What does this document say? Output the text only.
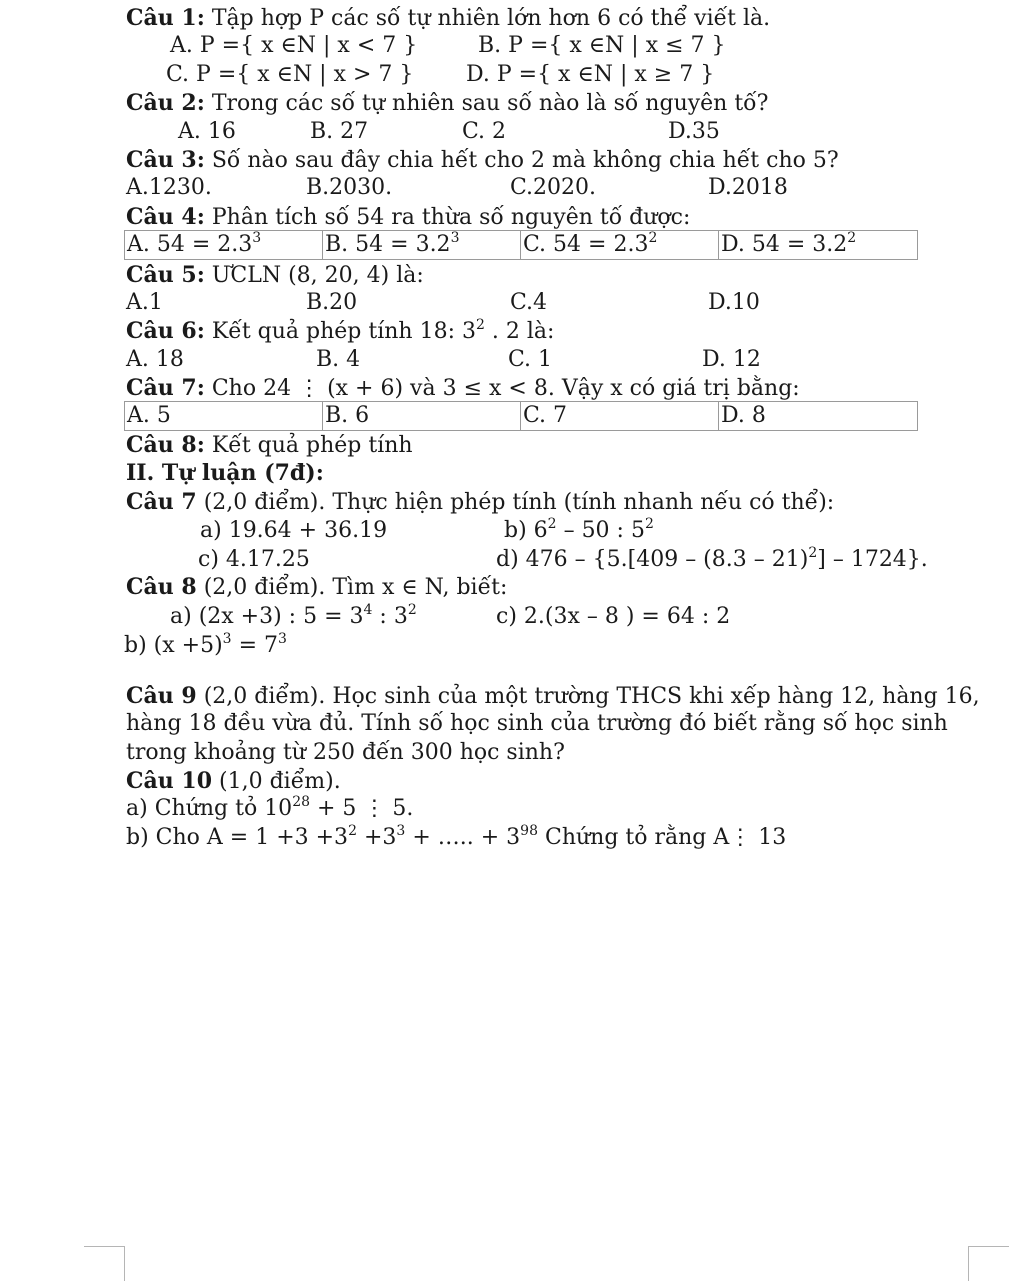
Câu 1: Tập hợp P các số tự nhiên lớn hơn 6 có thể viết là.
A. P ={ x ∈N | x < 7 }	B. P ={ x ∈N | x ≤ 7 }
C. P ={ x ∈N | x > 7 } D. P ={ x ∈N | x ≥ 7 }
Câu 2: Trong các số tự nhiên sau số nào là số nguyên tố?
A. 16	B. 27	C. 2	D.35
Câu 3: Số nào sau đây chia hết cho 2 mà không chia hết cho 5?
A.1230.	B.2030.	C.2020.	D.2018
Câu 4: Phân tích số 54 ra thừa số nguyên tố được:
A. $54 = 2.3^3$	B. $54 = 3.2^3$	C. $54 = 2.3^2$	D. $54 = 3.2^2$
Câu 5: ƯCLN (8, 20, 4) là:
A.1	B.20	C.4	D.10
Câu 6: Kết quả phép tính 18: $3^2$ . 2 là:
A. 18	B. 4	C. 1	D. 12
Câu 7: Cho 24 ⋮ (x + 6) và 3 ≤ x < 8. Vậy x có giá trị bằng:
A. 5	B. 6	C. 7	D. 8
Câu 8: Kết quả phép tính
II. Tự luận (7đ):
Câu 7 (2,0 điểm). Thực hiện phép tính (tính nhanh nếu có thể):
a) 19.64 + 36.19	b) $6^2 - 50$ : $5^2$
c) 4.17.25	d) 476 – {5.[409 – (8.3 – 21)$^2$] – 1724}.
Câu 8 (2,0 điểm). Tìm x ∈ N, biết:
a) (2x +3) : $5 = 3^4$ : $3^2$	c) 2.(3x – 8 ) = 64 : 2
b) $(x +5)^3 = 7^3$
Câu 9 (2,0 điểm). Học sinh của một trường THCS khi xếp hàng 12, hàng 16,
hàng 18 đều vừa đủ. Tính số học sinh của trường đó biết rằng số học sinh
trong khoảng từ 250 đến 300 học sinh?
Câu 10 (1,0 điểm).
a) Chứng tỏ $10^{28} + 5$ ⋮ 5.
b) Cho $A = 1 +3 +3^2 +3^3$ + ….. + $3^{98}$ Chứng tỏ rằng A⋮ 13
